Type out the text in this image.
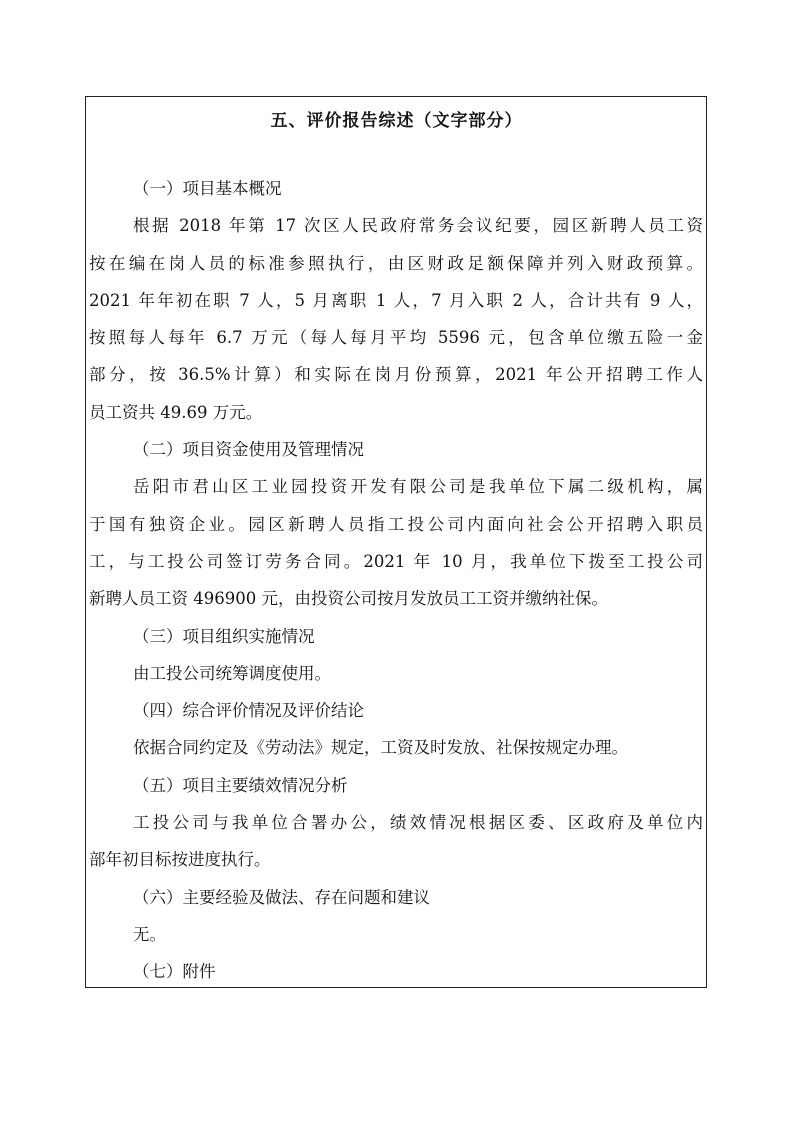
五、评价报告综述（文字部分）
（一）项目基本概况
根据 2018 年第 17 次区人民政府常务会议纪要，园区新聘人员工资
按在编在岗人员的标准参照执行，由区财政足额保障并列入财政预算。
2021 年年初在职 7 人，5 月离职 1 人，7 月入职 2 人，合计共有 9 人，
按照每人每年 6.7 万元（每人每月平均 5596 元，包含单位缴五险一金
部分，按 36.5%计算）和实际在岗月份预算，2021 年公开招聘工作人
员工资共 49.69 万元。
（二）项目资金使用及管理情况
岳阳市君山区工业园投资开发有限公司是我单位下属二级机构，属
于国有独资企业。园区新聘人员指工投公司内面向社会公开招聘入职员
工，与工投公司签订劳务合同。2021 年 10 月，我单位下拨至工投公司
新聘人员工资 496900 元，由投资公司按月发放员工工资并缴纳社保。
（三）项目组织实施情况
由工投公司统筹调度使用。
（四）综合评价情况及评价结论
依据合同约定及《劳动法》规定，工资及时发放、社保按规定办理。
（五）项目主要绩效情况分析
工投公司与我单位合署办公，绩效情况根据区委、区政府及单位内
部年初目标按进度执行。
（六）主要经验及做法、存在问题和建议
无。
（七）附件
